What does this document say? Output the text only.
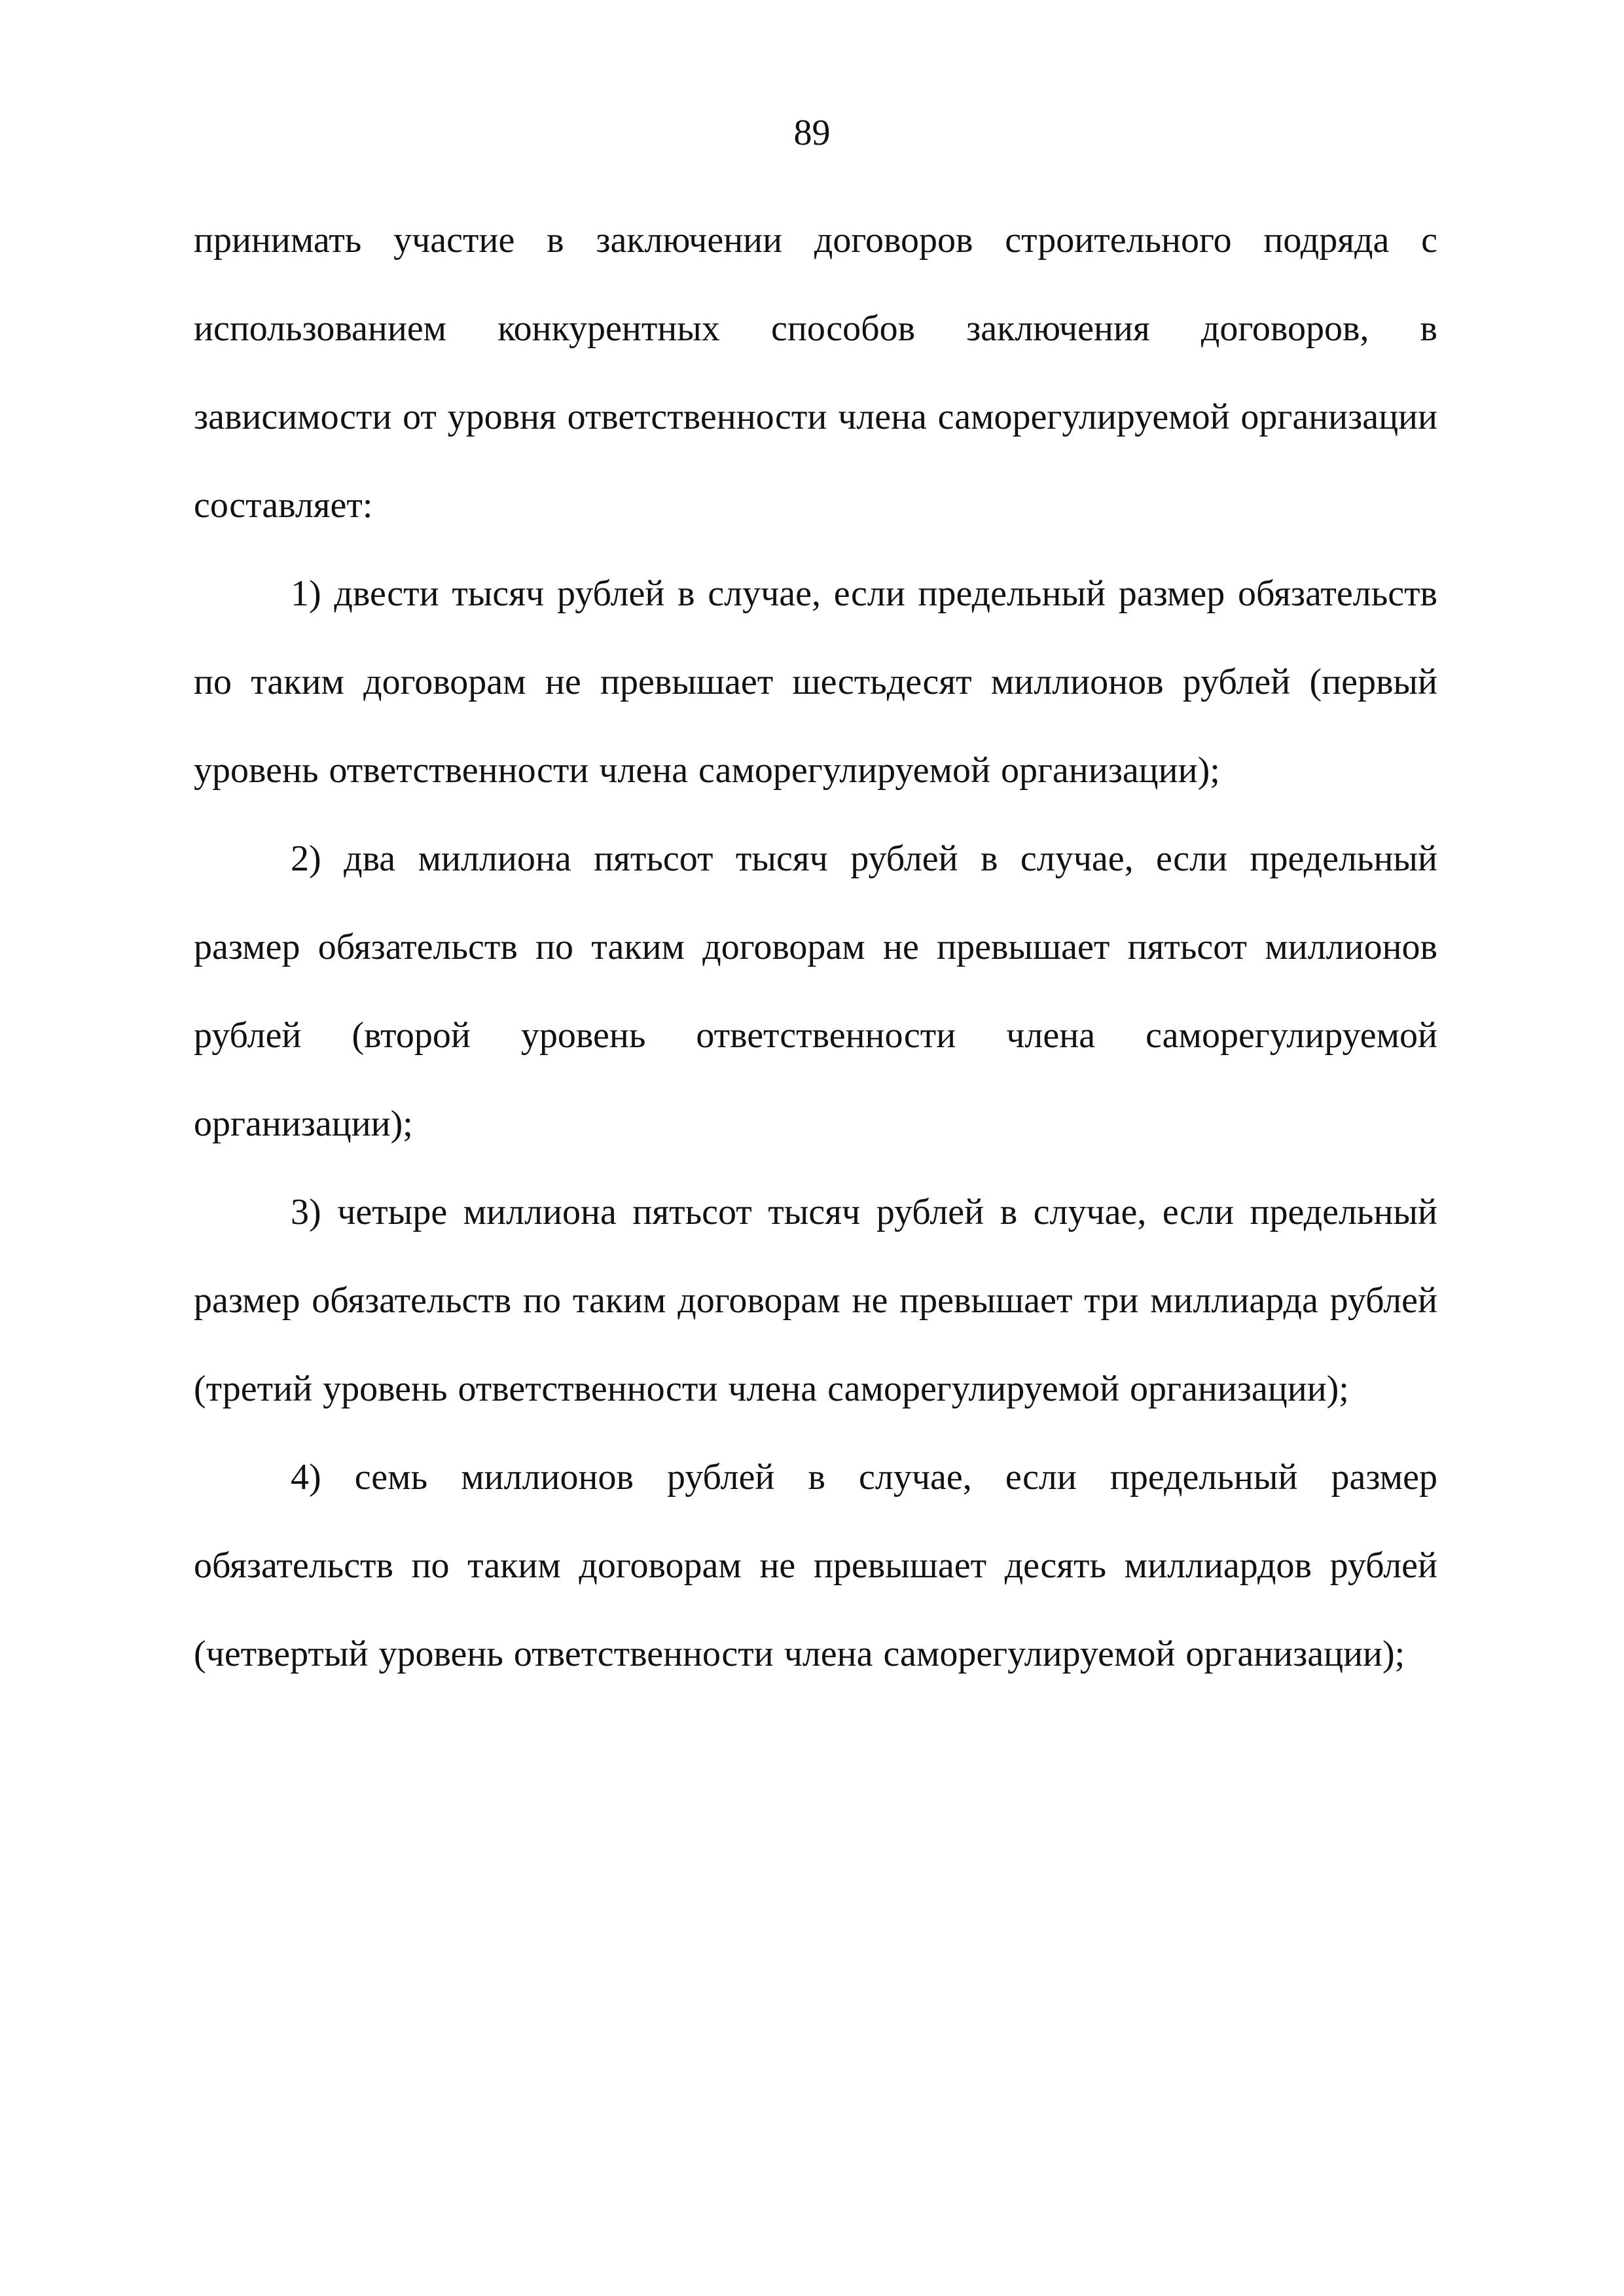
89

принимать участие в заключении договоров строительного подряда с использованием конкурентных способов заключения договоров, в зависимости от уровня ответственности члена саморегулируемой организации составляет:

1) двести тысяч рублей в случае, если предельный размер обязательств по таким договорам не превышает шестьдесят миллионов рублей (первый уровень ответственности члена саморегулируемой организации);

2) два миллиона пятьсот тысяч рублей в случае, если предельный размер обязательств по таким договорам не превышает пятьсот миллионов рублей (второй уровень ответственности члена саморегулируемой организации);

3) четыре миллиона пятьсот тысяч рублей в случае, если предельный размер обязательств по таким договорам не превышает три миллиарда рублей (третий уровень ответственности члена саморегулируемой организации);

4) семь миллионов рублей в случае, если предельный размер обязательств по таким договорам не превышает десять миллиардов рублей (четвертый уровень ответственности члена саморегулируемой организации);
